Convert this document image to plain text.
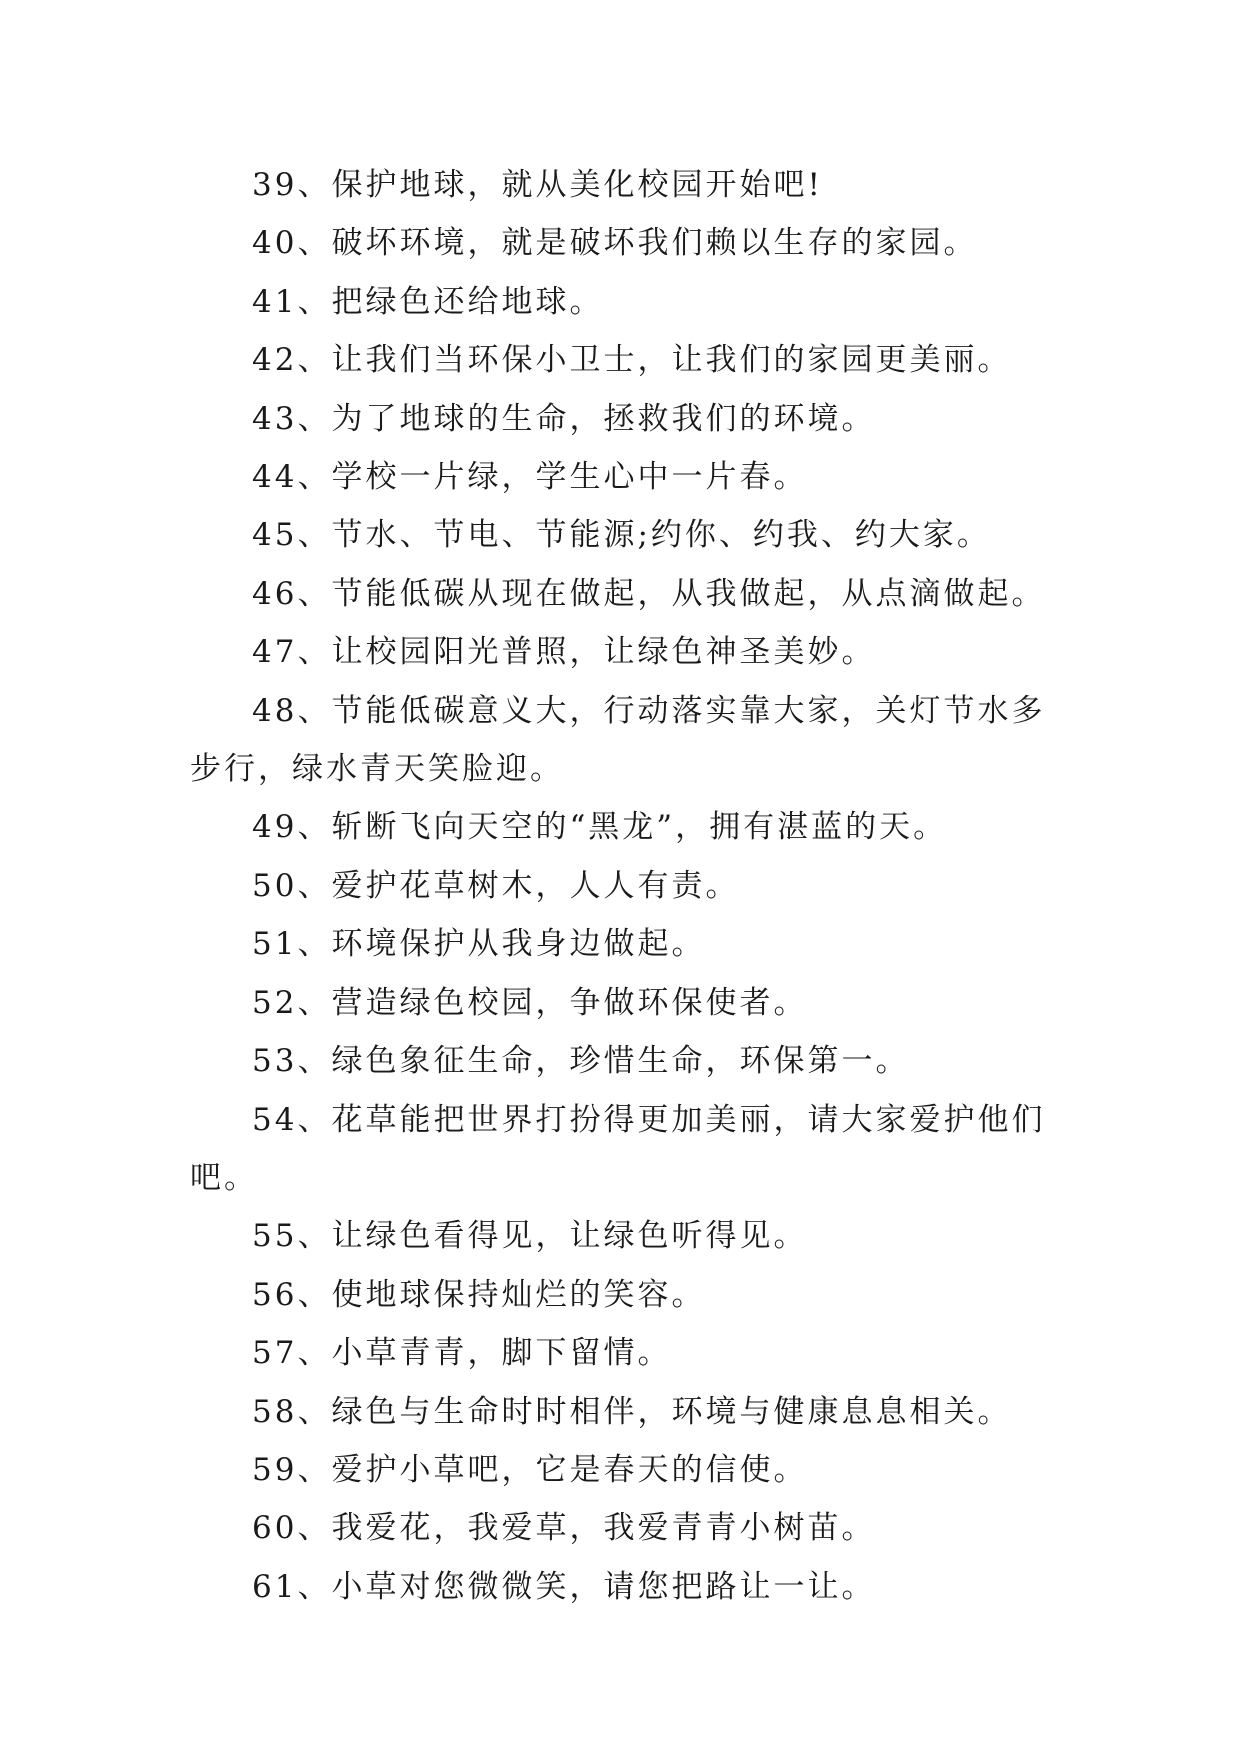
39、保护地球，就从美化校园开始吧!

40、破坏环境，就是破坏我们赖以生存的家园。

41、把绿色还给地球。

42、让我们当环保小卫士，让我们的家园更美丽。

43、为了地球的生命，拯救我们的环境。

44、学校一片绿，学生心中一片春。

45、节水、节电、节能源;约你、约我、约大家。

46、节能低碳从现在做起，从我做起，从点滴做起。

47、让校园阳光普照，让绿色神圣美妙。

48、节能低碳意义大，行动落实靠大家，关灯节水多步行，绿水青天笑脸迎。

49、斩断飞向天空的“黑龙”，拥有湛蓝的天。

50、爱护花草树木，人人有责。

51、环境保护从我身边做起。

52、营造绿色校园，争做环保使者。

53、绿色象征生命，珍惜生命，环保第一。

54、花草能把世界打扮得更加美丽，请大家爱护他们吧。

55、让绿色看得见，让绿色听得见。

56、使地球保持灿烂的笑容。

57、小草青青，脚下留情。

58、绿色与生命时时相伴，环境与健康息息相关。

59、爱护小草吧，它是春天的信使。

60、我爱花，我爱草，我爱青青小树苗。

61、小草对您微微笑，请您把路让一让。
